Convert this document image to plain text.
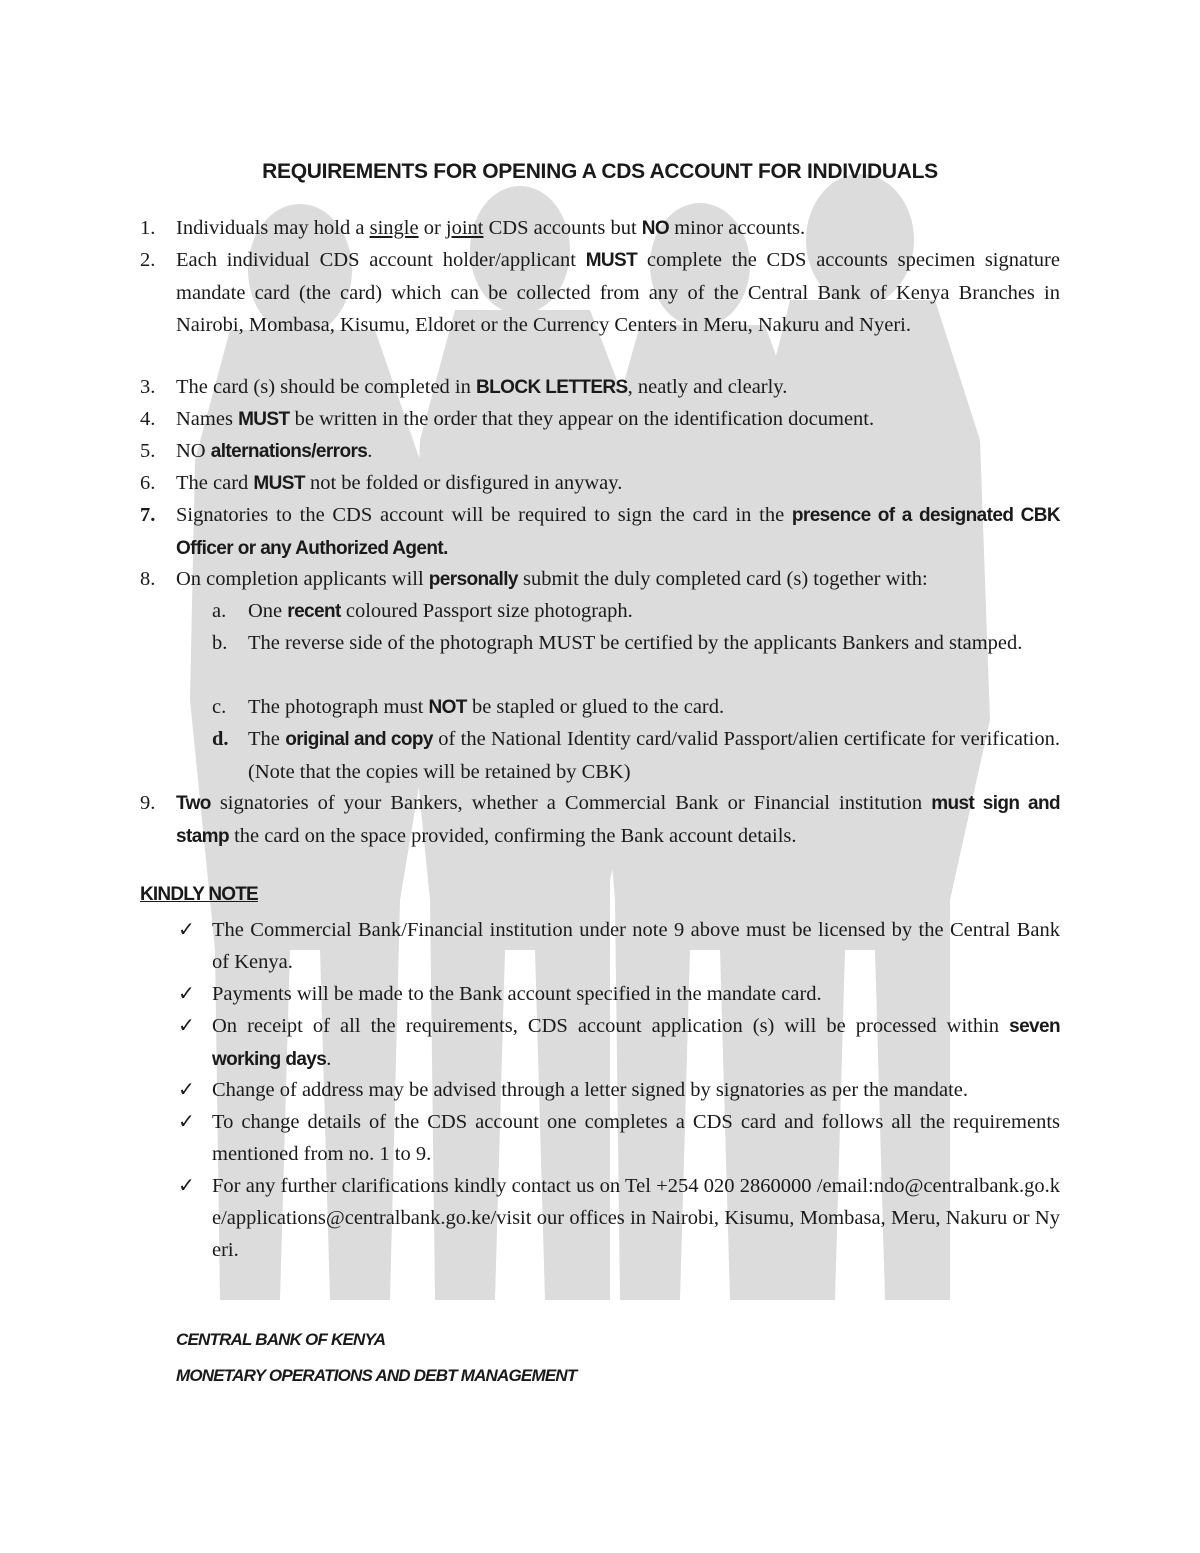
REQUIREMENTS FOR OPENING A CDS ACCOUNT FOR INDIVIDUALS
1. Individuals may hold a single or joint CDS accounts but NO minor accounts.
2. Each individual CDS account holder/applicant MUST complete the CDS accounts specimen signature mandate card (the card) which can be collected from any of the Central Bank of Kenya Branches in Nairobi, Mombasa, Kisumu, Eldoret or the Currency Centers in Meru, Nakuru and Nyeri.
3. The card (s) should be completed in BLOCK LETTERS, neatly and clearly.
4. Names MUST be written in the order that they appear on the identification document.
5. NO alternations/errors.
6. The card MUST not be folded or disfigured in anyway.
7. Signatories to the CDS account will be required to sign the card in the presence of a designated CBK Officer or any Authorized Agent.
8. On completion applicants will personally submit the duly completed card (s) together with:
a. One recent coloured Passport size photograph.
b. The reverse side of the photograph MUST be certified by the applicants Bankers and stamped.
c. The photograph must NOT be stapled or glued to the card.
d. The original and copy of the National Identity card/valid Passport/alien certificate for verification. (Note that the copies will be retained by CBK)
9. Two signatories of your Bankers, whether a Commercial Bank or Financial institution must sign and stamp the card on the space provided, confirming the Bank account details.
KINDLY NOTE
✓ The Commercial Bank/Financial institution under note 9 above must be licensed by the Central Bank of Kenya.
✓ Payments will be made to the Bank account specified in the mandate card.
✓ On receipt of all the requirements, CDS account application (s) will be processed within seven working days.
✓ Change of address may be advised through a letter signed by signatories as per the mandate.
✓ To change details of the CDS account one completes a CDS card and follows all the requirements mentioned from no. 1 to 9.
✓ For any further clarifications kindly contact us on Tel +254 020 2860000 /email:ndo@centralbank.go.ke/applications@centralbank.go.ke/visit our offices in Nairobi, Kisumu, Mombasa, Meru, Nakuru or Nyeri.
CENTRAL BANK OF KENYA
MONETARY OPERATIONS AND DEBT MANAGEMENT
